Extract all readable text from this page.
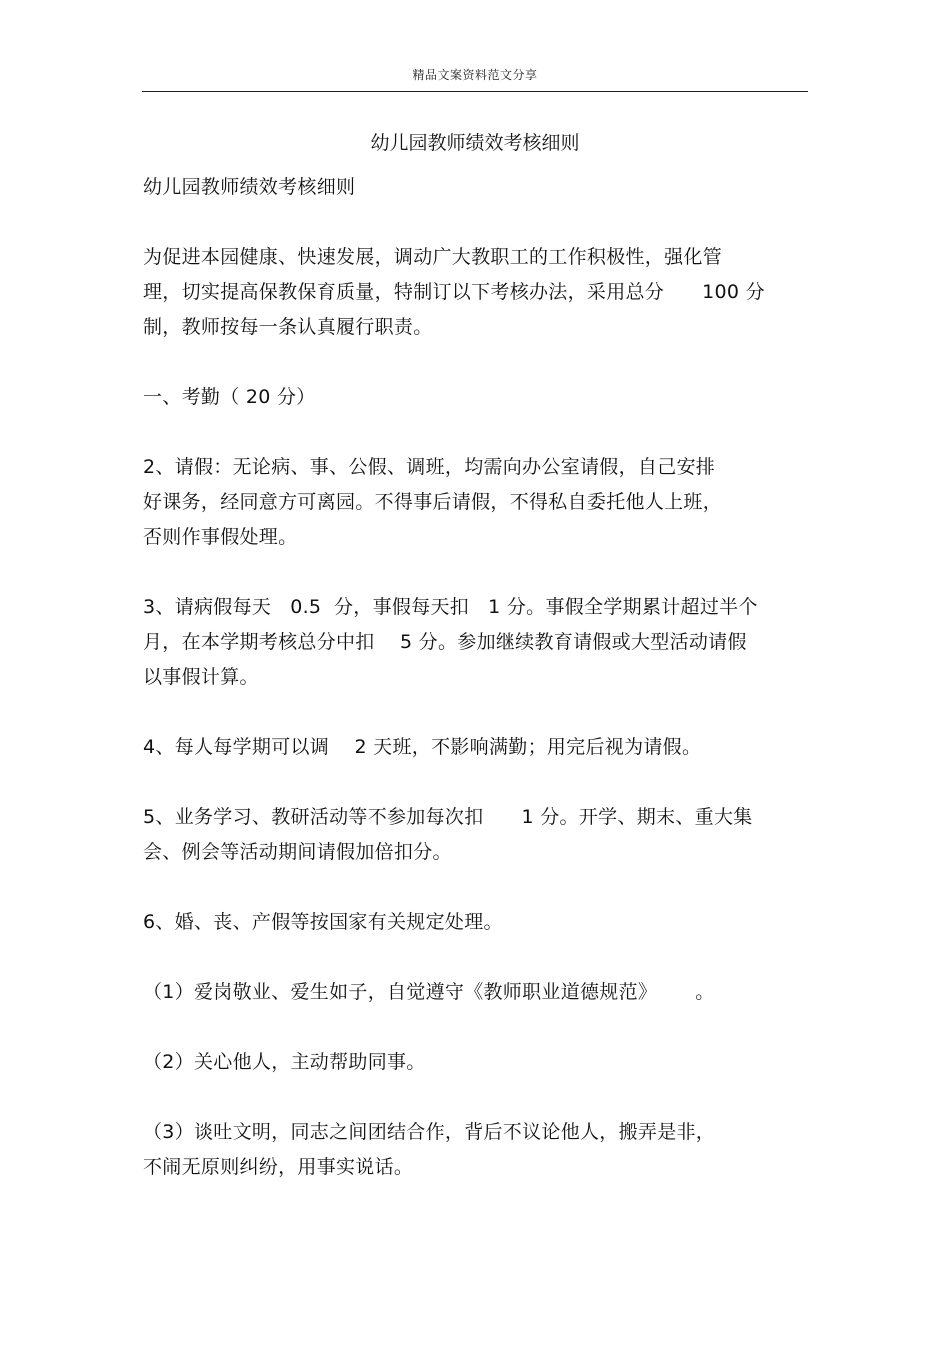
精品文案资料范文分享
幼儿园教师绩效考核细则

幼儿园教师绩效考核细则

为促进本园健康、快速发展，调动广大教职工的工作积极性，强化管
理，切实提高保教保育质量，特制订以下考核办法，采用总分      100 分
制，教师按每一条认真履行职责。

一、考勤（ 20 分）

2、请假：无论病、事、公假、调班，均需向办公室请假，自己安排
好课务，经同意方可离园。不得事后请假，不得私自委托他人上班，
否则作事假处理。

3、请病假每天   0.5  分，事假每天扣   1 分。事假全学期累计超过半个
月，在本学期考核总分中扣    5 分。参加继续教育请假或大型活动请假
以事假计算。

4、每人每学期可以调    2 天班，不影响满勤；用完后视为请假。

5、业务学习、教研活动等不参加每次扣      1 分。开学、期末、重大集
会、例会等活动期间请假加倍扣分。

6、婚、丧、产假等按国家有关规定处理。

（1）爱岗敬业、爱生如子，自觉遵守《教师职业道德规范》      。

（2）关心他人，主动帮助同事。

（3）谈吐文明，同志之间团结合作，背后不议论他人，搬弄是非，
不闹无原则纠纷，用事实说话。
